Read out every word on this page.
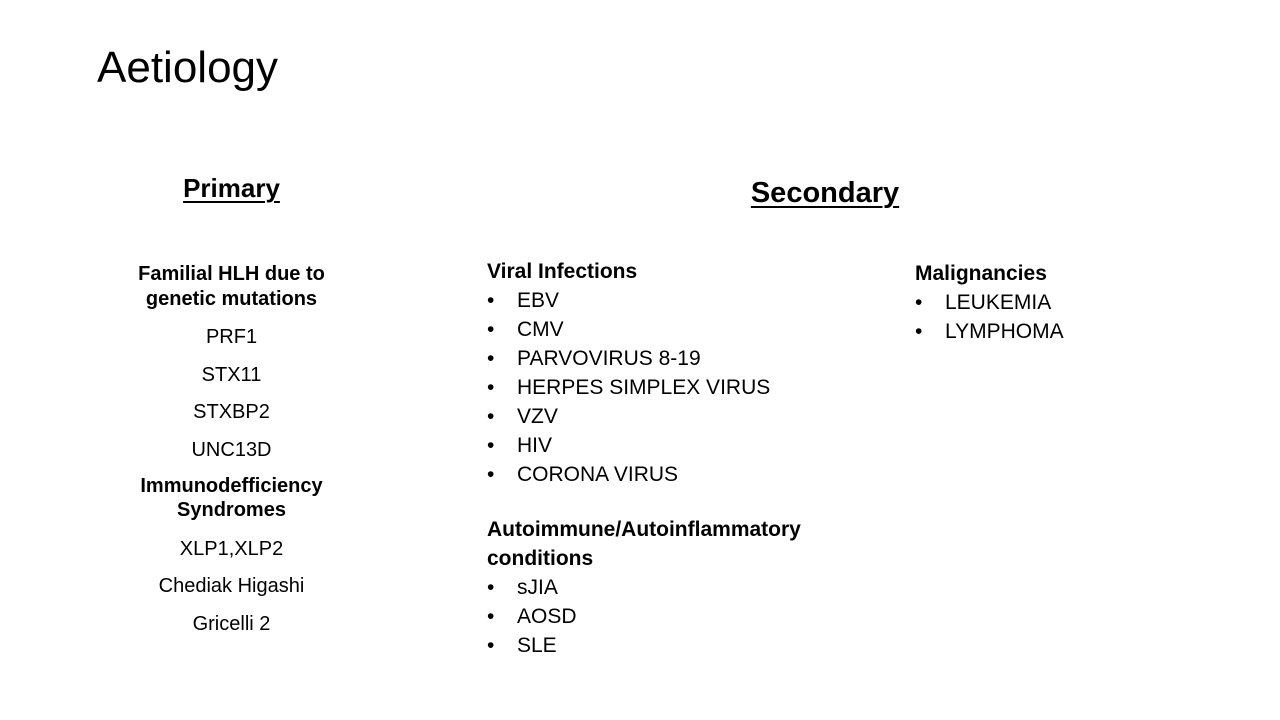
Aetiology
Primary	Secondary

Familial HLH due to genetic mutations

PRF1

STX11

STXBP2

UNC13D

Immunodefficiency Syndromes

XLP1,XLP2

Chediak Higashi

Gricelli 2

Viral Infections

• EBV
• CMV
• PARVOVIRUS 8-19
• HERPES SIMPLEX VIRUS
• VZV
• HIV
• CORONA VIRUS

Autoimmune/Autoinflammatory conditions

• sJIA
• AOSD
• SLE

Malignancies

• LEUKEMIA
• LYMPHOMA
